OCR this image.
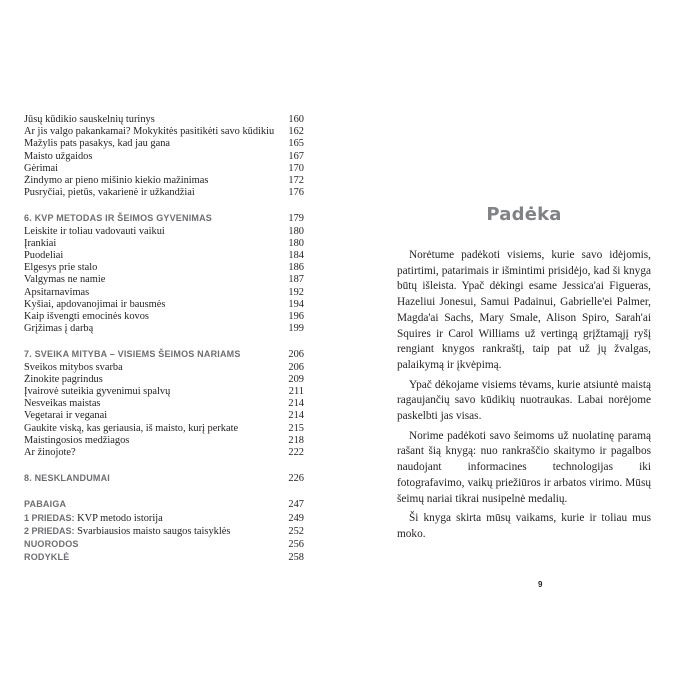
Jūsų kūdikio sauskelnių turinys	160
Ar jis valgo pakankamai? Mokykitės pasitikėti savo kūdikiu	162
Mažylis pats pasakys, kad jau gana	165
Maisto užgaidos	167
Gėrimai	170
Žindymo ar pieno mišinio kiekio mažinimas	172
Pusryčiai, pietūs, vakarienė ir užkandžiai	176
6. KVP METODAS IR ŠEIMOS GYVENIMAS	179
Leiskite ir toliau vadovauti vaikui	180
Įrankiai	180
Puodeliai	184
Elgesys prie stalo	186
Valgymas ne namie	187
Apsitarnavimas	192
Kyšiai, apdovanojimai ir bausmės	194
Kaip išvengti emocinės kovos	196
Grįžimas į darbą	199
7. SVEIKA MITYBA – VISIEMS ŠEIMOS NARIAMS	206
Sveikos mitybos svarba	206
Žinokite pagrindus	209
Įvairovė suteikia gyvenimui spalvų	211
Nesveikas maistas	214
Vegetarai ir veganai	214
Gaukite viską, kas geriausia, iš maisto, kurį perkate	215
Maistingosios medžiagos	218
Ar žinojote?	222
8. NESKLANDUMAI	226
PABAIGA	247
1 PRIEDAS: KVP metodo istorija	249
2 PRIEDAS: Svarbiausios maisto saugos taisyklės	252
NUORODOS	256
RODYKLĖ	258
Padėka

Norėtume padėkoti visiems, kurie savo idėjomis, patirtimi, patarimais ir išmintimi prisidėjo, kad ši knyga būtų išleista. Ypač dėkingi esame Jessica'ai Figueras, Hazeliui Jonesui, Samui Padainui, Gabrielle'ei Palmer, Magda'ai Sachs, Mary Smale, Alison Spiro, Sarah'ai Squires ir Carol Williams už vertingą grįžtamąjį ryšį rengiant knygos rankraštį, taip pat už jų žvalgas, palaikymą ir įkvėpimą.

Ypač dėkojame visiems tėvams, kurie atsiuntė maistą ragaujančių savo kūdikių nuotraukas. Labai norėjome paskelbti jas visas.

Norime padėkoti savo šeimoms už nuolatinę paramą rašant šią knygą: nuo rankraščio skaitymo ir pagalbos naudojant informacines technologijas iki fotografavimo, vaikų priežiūros ir arbatos virimo. Mūsų šeimų nariai tikrai nusipelnė medalių.

Ši knyga skirta mūsų vaikams, kurie ir toliau mus moko.

9
